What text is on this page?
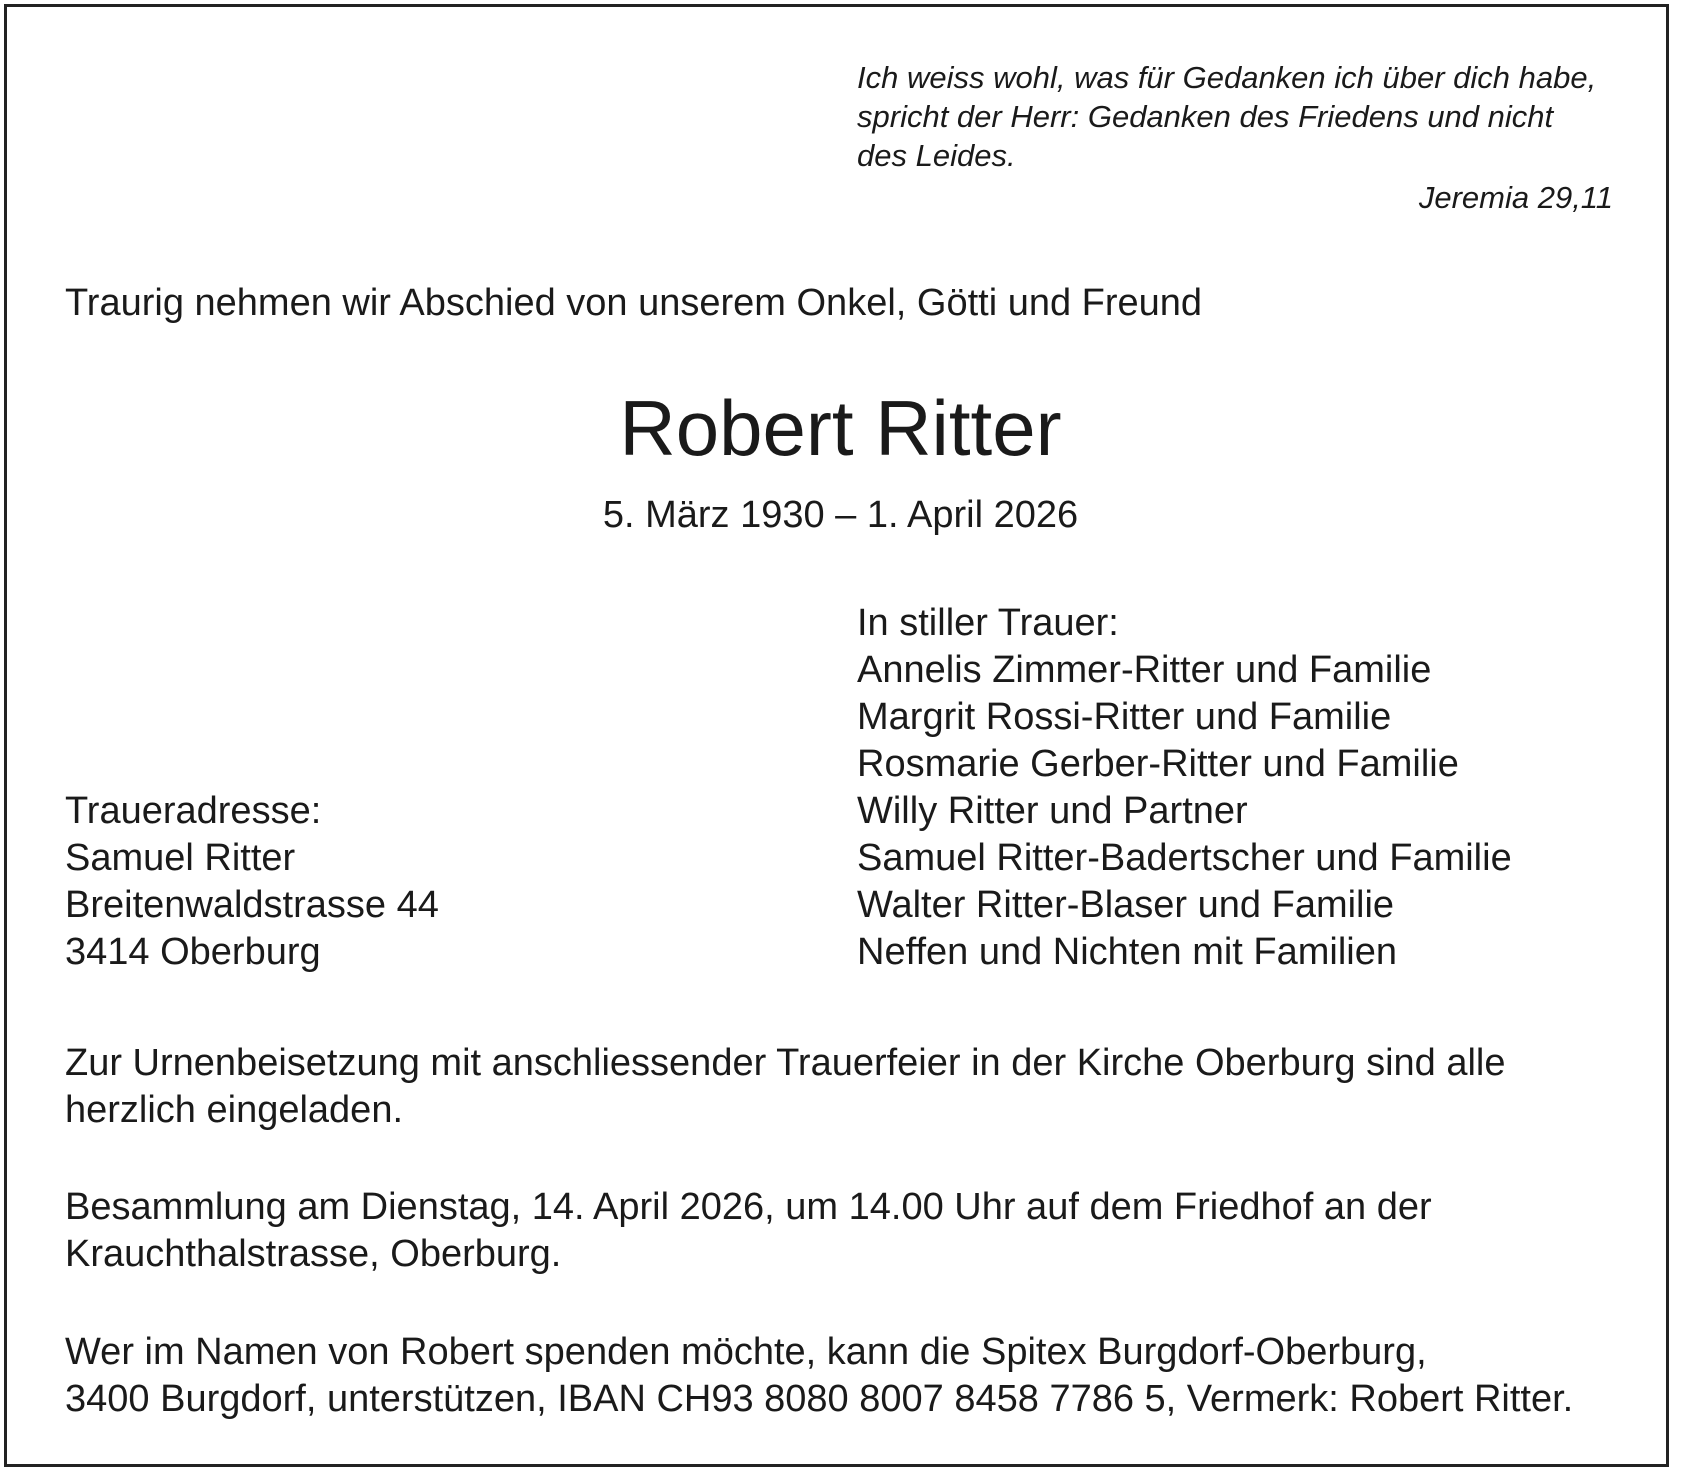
Ich weiss wohl, was für Gedanken ich über dich habe,
spricht der Herr: Gedanken des Friedens und nicht
des Leides.
Jeremia 29,11
Traurig nehmen wir Abschied von unserem Onkel, Götti und Freund
Robert Ritter
5. März 1930 – 1. April 2026
In stiller Trauer:
Annelis Zimmer-Ritter und Familie
Margrit Rossi-Ritter und Familie
Rosmarie Gerber-Ritter und Familie
Willy Ritter und Partner
Samuel Ritter-Badertscher und Familie
Walter Ritter-Blaser und Familie
Neffen und Nichten mit Familien
Traueradresse:
Samuel Ritter
Breitenwaldstrasse 44
3414 Oberburg
Zur Urnenbeisetzung mit anschliessender Trauerfeier in der Kirche Oberburg sind alle
herzlich eingeladen.
Besammlung am Dienstag, 14. April 2026, um 14.00 Uhr auf dem Friedhof an der
Krauchthalstrasse, Oberburg.
Wer im Namen von Robert spenden möchte, kann die Spitex Burgdorf-Oberburg,
3400 Burgdorf, unterstützen, IBAN CH93 8080 8007 8458 7786 5, Vermerk: Robert Ritter.
